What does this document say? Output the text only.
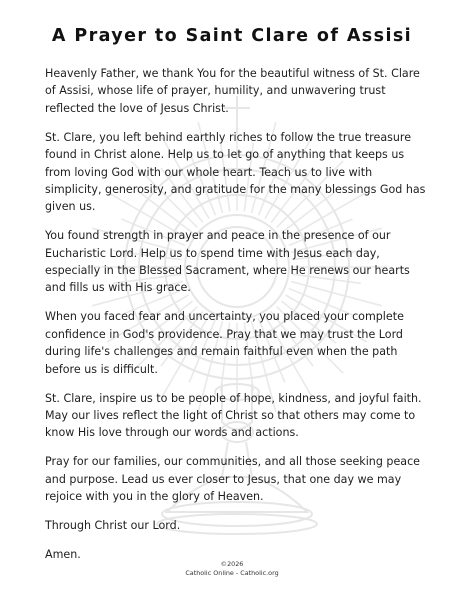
A Prayer to Saint Clare of Assisi

Heavenly Father, we thank You for the beautiful witness of St. Clare of Assisi, whose life of prayer, humility, and unwavering trust reflected the love of Jesus Christ.

St. Clare, you left behind earthly riches to follow the true treasure found in Christ alone. Help us to let go of anything that keeps us from loving God with our whole heart. Teach us to live with simplicity, generosity, and gratitude for the many blessings God has given us.

You found strength in prayer and peace in the presence of our Eucharistic Lord. Help us to spend time with Jesus each day, especially in the Blessed Sacrament, where He renews our hearts and fills us with His grace.

When you faced fear and uncertainty, you placed your complete confidence in God's providence. Pray that we may trust the Lord during life's challenges and remain faithful even when the path before us is difficult.

St. Clare, inspire us to be people of hope, kindness, and joyful faith. May our lives reflect the light of Christ so that others may come to know His love through our words and actions.

Pray for our families, our communities, and all those seeking peace and purpose. Lead us ever closer to Jesus, that one day we may rejoice with you in the glory of Heaven.

Through Christ our Lord.

Amen.

©2026
Catholic Online - Catholic.org
